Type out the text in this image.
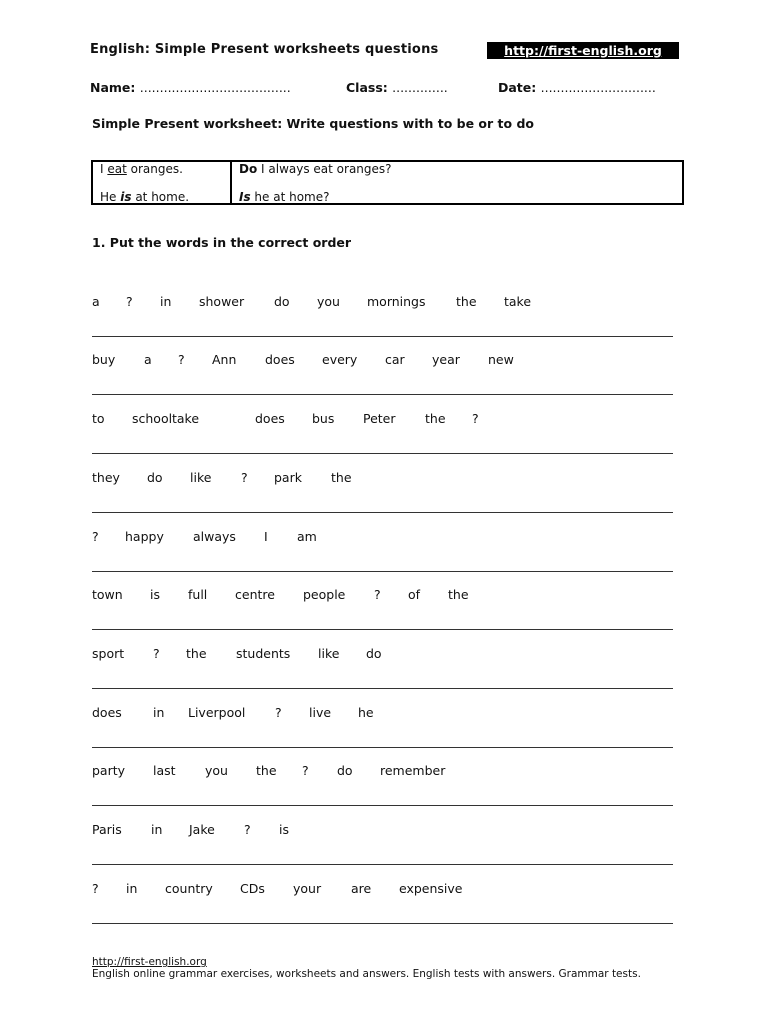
English: Simple Present worksheets questions	http://first-english.org
Name: ......................................	Class: ..............	Date: .............................
Simple Present worksheet: Write questions with to be or to do
I eat oranges.	Do I always eat oranges?
He is at home.	Is he at home?
1. Put the words in the correct order
a ? in shower do you mornings the take
buy a ? Ann does every car year new
to school take	does bus Peter the ?
they do like ? park the
? happy always I am
town is full centre people ? of the
sport ? the students like do
does in Liverpool ? live he
party last you the ? do remember
Paris in Jake ? is
? in country CDs your are expensive
http://first-english.org
English online grammar exercises, worksheets and answers. English tests with answers. Grammar tests.
